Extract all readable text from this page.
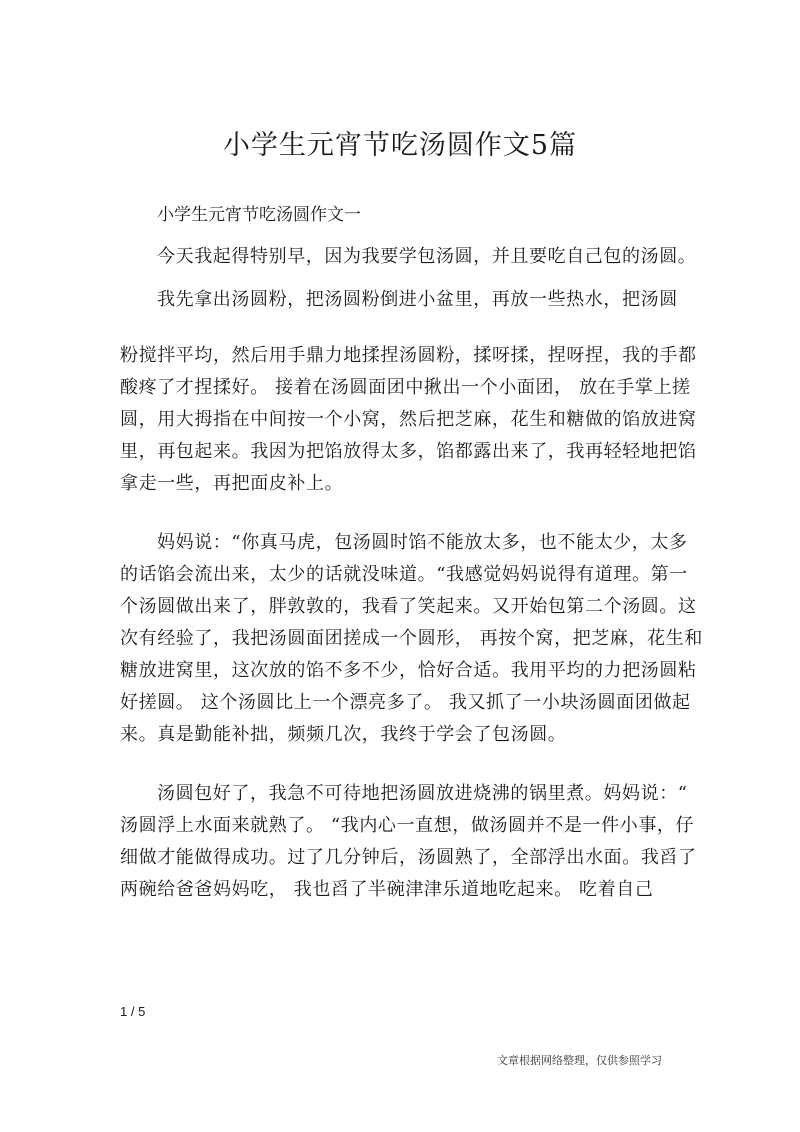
小学生元宵节吃汤圆作文5篇
小学生元宵节吃汤圆作文一
今天我起得特别早，因为我要学包汤圆，并且要吃自己包的汤圆。
我先拿出汤圆粉，把汤圆粉倒进小盆里，再放一些热水，把汤圆
粉搅拌平均，然后用手鼎力地揉捏汤圆粉，揉呀揉，捏呀捏，我的手都
酸疼了才捏揉好。 接着在汤圆面团中揪出一个小面团， 放在手掌上搓
圆，用大拇指在中间按一个小窝，然后把芝麻，花生和糖做的馅放进窝
里，再包起来。我因为把馅放得太多，馅都露出来了，我再轻轻地把馅
拿走一些，再把面皮补上。
妈妈说：“你真马虎，包汤圆时馅不能放太多，也不能太少，太多
的话馅会流出来，太少的话就没味道。“我感觉妈妈说得有道理。第一
个汤圆做出来了，胖敦敦的，我看了笑起来。又开始包第二个汤圆。这
次有经验了，我把汤圆面团搓成一个圆形， 再按个窝，把芝麻，花生和
糖放进窝里，这次放的馅不多不少，恰好合适。我用平均的力把汤圆粘
好搓圆。 这个汤圆比上一个漂亮多了。 我又抓了一小块汤圆面团做起
来。真是勤能补拙，频频几次，我终于学会了包汤圆。
汤圆包好了，我急不可待地把汤圆放进烧沸的锅里煮。妈妈说：“
汤圆浮上水面来就熟了。 “我内心一直想，做汤圆并不是一件小事，仔
细做才能做得成功。过了几分钟后，汤圆熟了，全部浮出水面。我舀了
两碗给爸爸妈妈吃， 我也舀了半碗津津乐道地吃起来。 吃着自己
1 / 5
文章根据网络整理，仅供参照学习
